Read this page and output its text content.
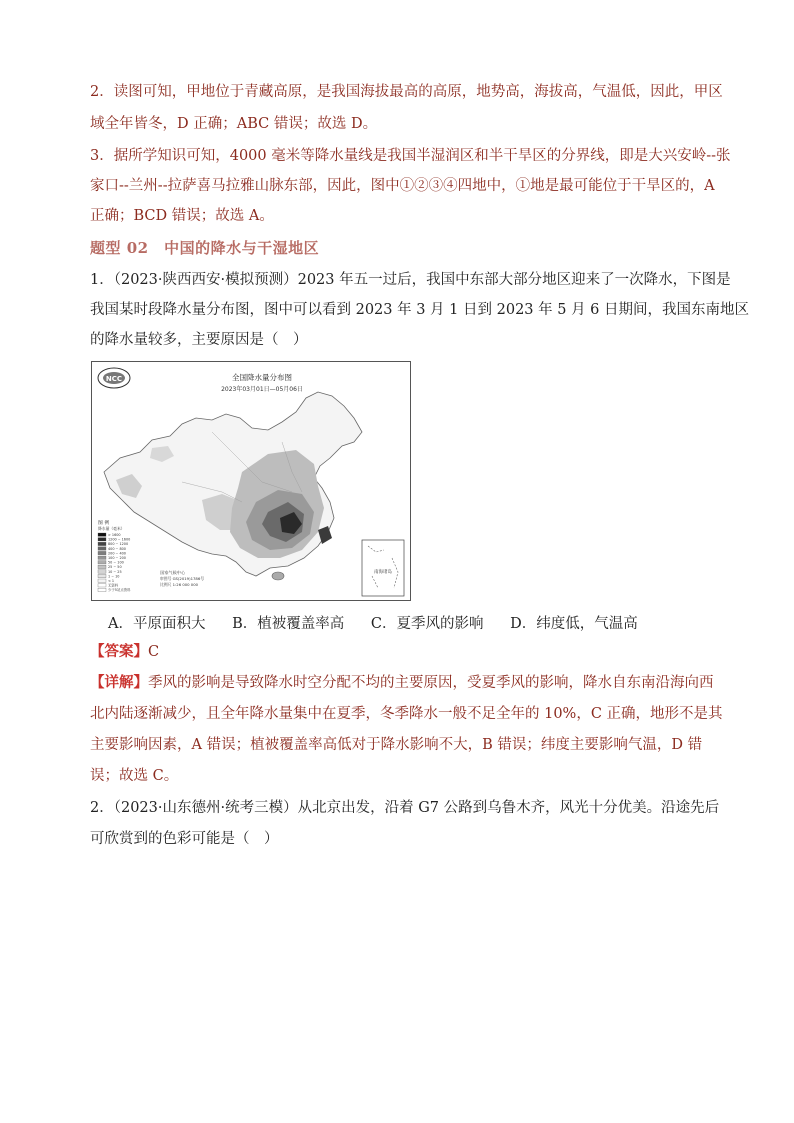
2．读图可知，甲地位于青藏高原，是我国海拔最高的高原，地势高，海拔高，气温低，因此，甲区
域全年皆冬，D 正确；ABC 错误；故选 D。
3．据所学知识可知，4000 毫米等降水量线是我国半湿润区和半干旱区的分界线，即是大兴安岭--张
家口--兰州--拉萨喜马拉雅山脉东部，因此，图中①②③④四地中，①地是最可能位于干旱区的，A
正确；BCD 错误；故选 A。
题型 02　中国的降水与干湿地区
1．（2023·陕西西安·模拟预测）2023 年五一过后，我国中东部大部分地区迎来了一次降水，下图是
我国某时段降水量分布图，图中可以看到 2023 年 3 月 1 日到 2023 年 5 月 6 日期间，我国东南地区
的降水量较多，主要原因是（　）
NCC	全国降水量分布图
2023年03月01日—05月06日
图 例
降水量（毫米）
> 1600
1200 ~ 1600
800 ~ 1200
400 ~ 800
200 ~ 400
100 ~ 200
50 ~ 100
25 ~ 50
10 ~ 25
1 ~ 10
< 1
无资料
少于5站点资料
国家气候中心
审图号 GS(2019)1786号
比例尺 1:26 000 000
南海诸岛
A．平原面积大 B．植被覆盖率高 C．夏季风的影响 D．纬度低，气温高
【答案】C
【详解】季风的影响是导致降水时空分配不均的主要原因，受夏季风的影响，降水自东南沿海向西
北内陆逐渐减少，且全年降水量集中在夏季，冬季降水一般不足全年的 10%，C 正确，地形不是其
主要影响因素，A 错误；植被覆盖率高低对于降水影响不大，B 错误；纬度主要影响气温，D 错
误；故选 C。
2．（2023·山东德州·统考三模）从北京出发，沿着 G7 公路到乌鲁木齐，风光十分优美。沿途先后
可欣赏到的色彩可能是（　）
